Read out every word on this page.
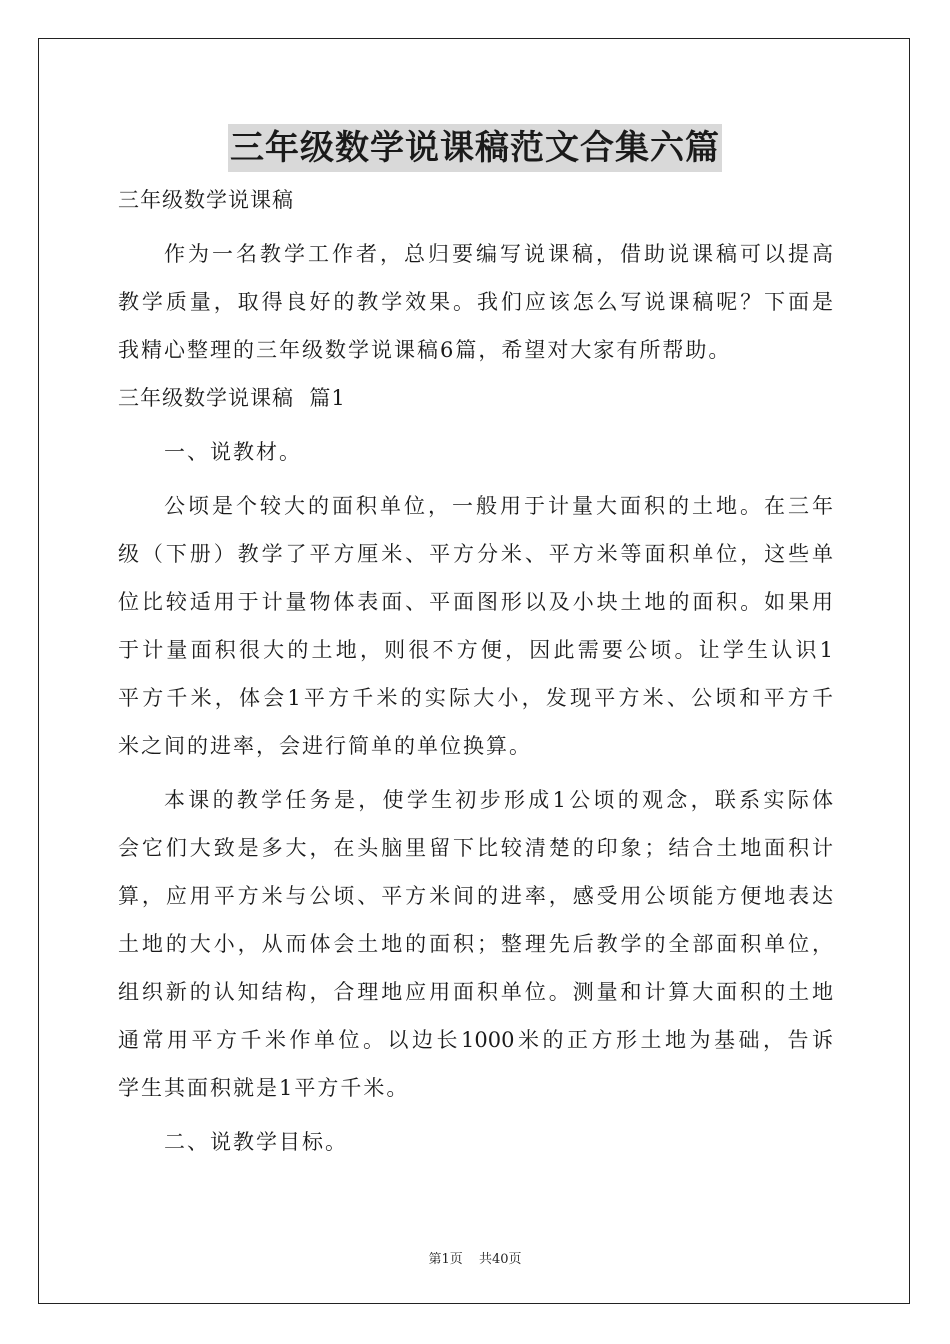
三年级数学说课稿范文合集六篇
三年级数学说课稿
作为一名教学工作者，总归要编写说课稿，借助说课稿可以提高
教学质量，取得良好的教学效果。我们应该怎么写说课稿呢？下面是
我精心整理的三年级数学说课稿6篇，希望对大家有所帮助。
三年级数学说课稿  篇1
一、说教材。
公顷是个较大的面积单位，一般用于计量大面积的土地。在三年
级（下册）教学了平方厘米、平方分米、平方米等面积单位，这些单
位比较适用于计量物体表面、平面图形以及小块土地的面积。如果用
于计量面积很大的土地，则很不方便，因此需要公顷。让学生认识1
平方千米，体会1平方千米的实际大小，发现平方米、公顷和平方千
米之间的进率，会进行简单的单位换算。
本课的教学任务是，使学生初步形成1公顷的观念，联系实际体
会它们大致是多大，在头脑里留下比较清楚的印象；结合土地面积计
算，应用平方米与公顷、平方米间的进率，感受用公顷能方便地表达
土地的大小，从而体会土地的面积；整理先后教学的全部面积单位，
组织新的认知结构，合理地应用面积单位。测量和计算大面积的土地
通常用平方千米作单位。以边长1000米的正方形土地为基础，告诉
学生其面积就是1平方千米。
二、说教学目标。
第1页 共40页
